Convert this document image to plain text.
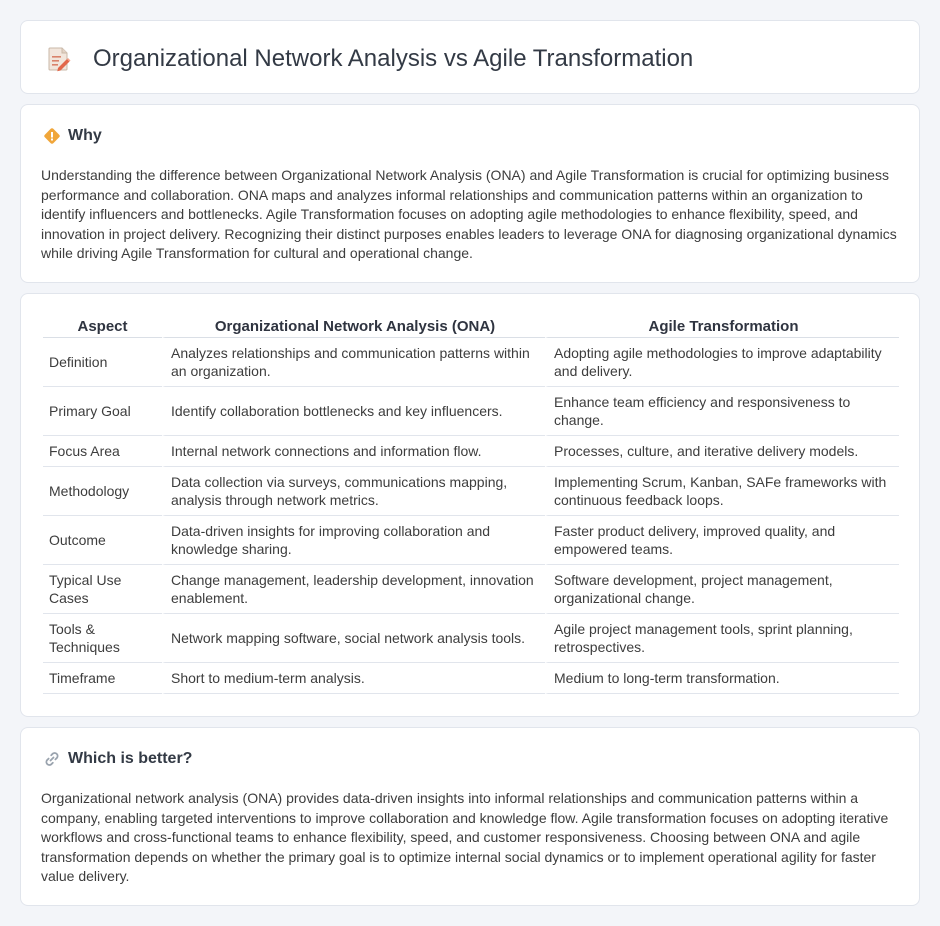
Organizational Network Analysis vs Agile Transformation
Why

Understanding the difference between Organizational Network Analysis (ONA) and Agile Transformation is crucial for optimizing business performance and collaboration. ONA maps and analyzes informal relationships and communication patterns within an organization to identify influencers and bottlenecks. Agile Transformation focuses on adopting agile methodologies to enhance flexibility, speed, and innovation in project delivery. Recognizing their distinct purposes enables leaders to leverage ONA for diagnosing organizational dynamics while driving Agile Transformation for cultural and operational change.

Aspect	Organizational Network Analysis (ONA)	Agile Transformation
Definition	Analyzes relationships and communication patterns within an organization.	Adopting agile methodologies to improve adaptability and delivery.
Primary Goal	Identify collaboration bottlenecks and key influencers.	Enhance team efficiency and responsiveness to change.
Focus Area	Internal network connections and information flow.	Processes, culture, and iterative delivery models.
Methodology	Data collection via surveys, communications mapping, analysis through network metrics.	Implementing Scrum, Kanban, SAFe frameworks with continuous feedback loops.
Outcome	Data-driven insights for improving collaboration and knowledge sharing.	Faster product delivery, improved quality, and empowered teams.
Typical Use Cases	Change management, leadership development, innovation enablement.	Software development, project management, organizational change.
Tools & Techniques	Network mapping software, social network analysis tools.	Agile project management tools, sprint planning, retrospectives.
Timeframe	Short to medium-term analysis.	Medium to long-term transformation.
Which is better?

Organizational network analysis (ONA) provides data-driven insights into informal relationships and communication patterns within a company, enabling targeted interventions to improve collaboration and knowledge flow. Agile transformation focuses on adopting iterative workflows and cross-functional teams to enhance flexibility, speed, and customer responsiveness. Choosing between ONA and agile transformation depends on whether the primary goal is to optimize internal social dynamics or to implement operational agility for faster value delivery.
